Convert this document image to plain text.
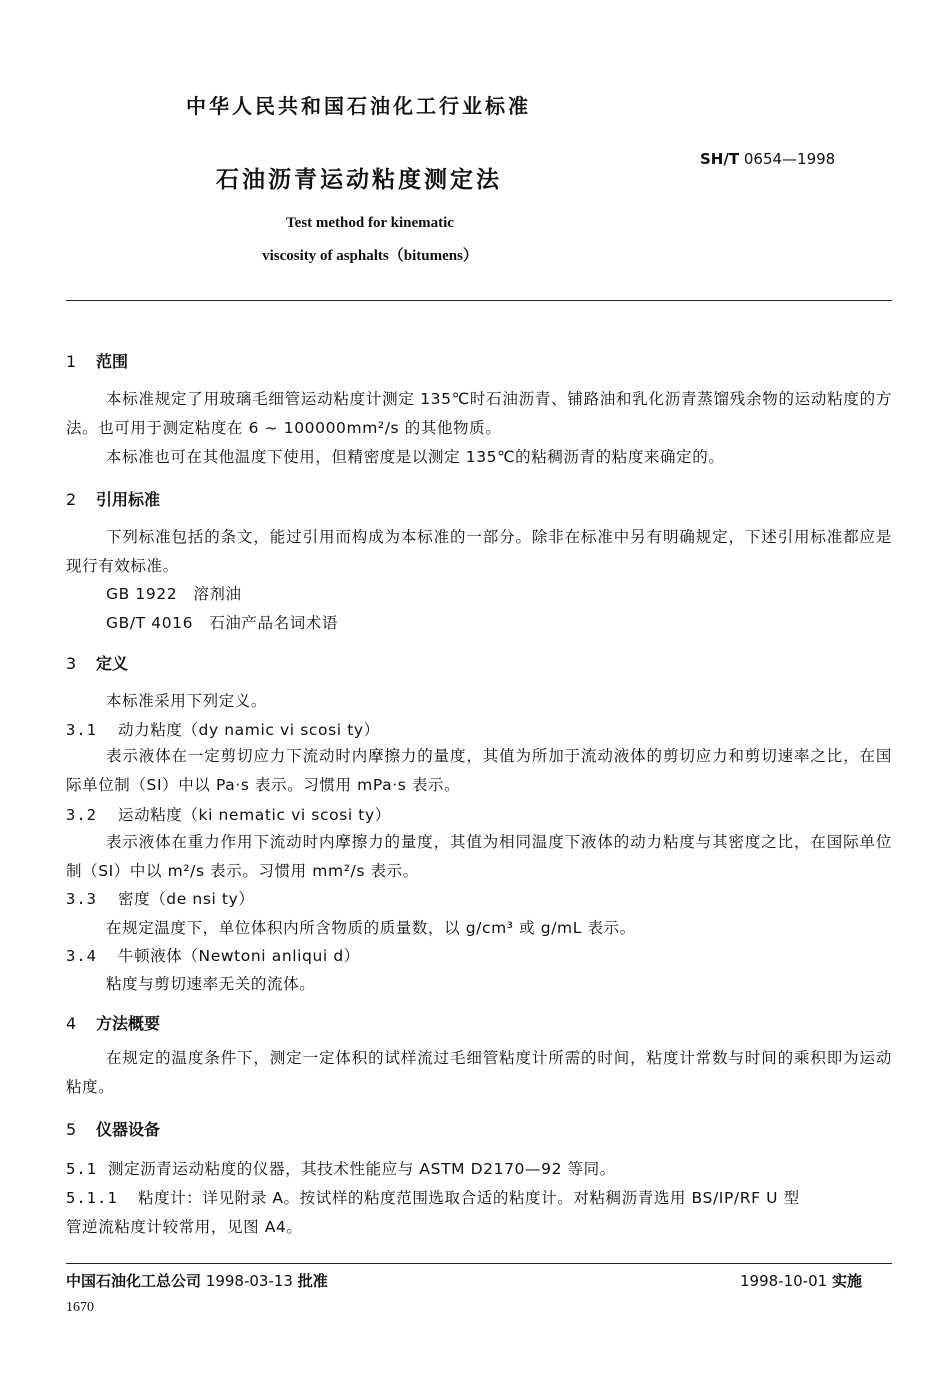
中华人民共和国石油化工行业标准
SH/T 0654—1998
石油沥青运动粘度测定法
Test method for kinematic
viscosity of asphalts（bitumens）
1 范围
本标准规定了用玻璃毛细管运动粘度计测定 135℃时石油沥青、铺路油和乳化沥青蒸馏残余物的运动粘度的方法。也可用于测定粘度在 6 ~ 100000mm²/s 的其他物质。
本标准也可在其他温度下使用，但精密度是以测定 135℃的粘稠沥青的粘度来确定的。
2 引用标准
下列标准包括的条文，能过引用而构成为本标准的一部分。除非在标准中另有明确规定，下述引用标准都应是现行有效标准。
GB 1922　溶剂油
GB/T 4016　石油产品名词术语
3 定义
本标准采用下列定义。
3.1 动力粘度（dy namic vi scosi ty）
表示液体在一定剪切应力下流动时内摩擦力的量度，其值为所加于流动液体的剪切应力和剪切速率之比，在国际单位制（SI）中以 Pa·s 表示。习惯用 mPa·s 表示。
3.2 运动粘度（ki nematic vi scosi ty）
表示液体在重力作用下流动时内摩擦力的量度，其值为相同温度下液体的动力粘度与其密度之比，在国际单位制（SI）中以 m²/s 表示。习惯用 mm²/s 表示。
3.3 密度（de nsi ty）
在规定温度下，单位体积内所含物质的质量数，以 g/cm³ 或 g/mL 表示。
3.4 牛顿液体（Newtoni anliqui d）
粘度与剪切速率无关的流体。
4 方法概要
在规定的温度条件下，测定一定体积的试样流过毛细管粘度计所需的时间，粘度计常数与时间的乘积即为运动粘度。
5 仪器设备
5.1 测定沥青运动粘度的仪器，其技术性能应与 ASTM D2170—92 等同。
5.1.1 粘度计：详见附录 A。按试样的粘度范围选取合适的粘度计。对粘稠沥青选用 BS/IP/RF U 型
管逆流粘度计较常用，见图 A4。
中国石油化工总公司 1998-03-13 批准	1998-10-01 实施
1670
